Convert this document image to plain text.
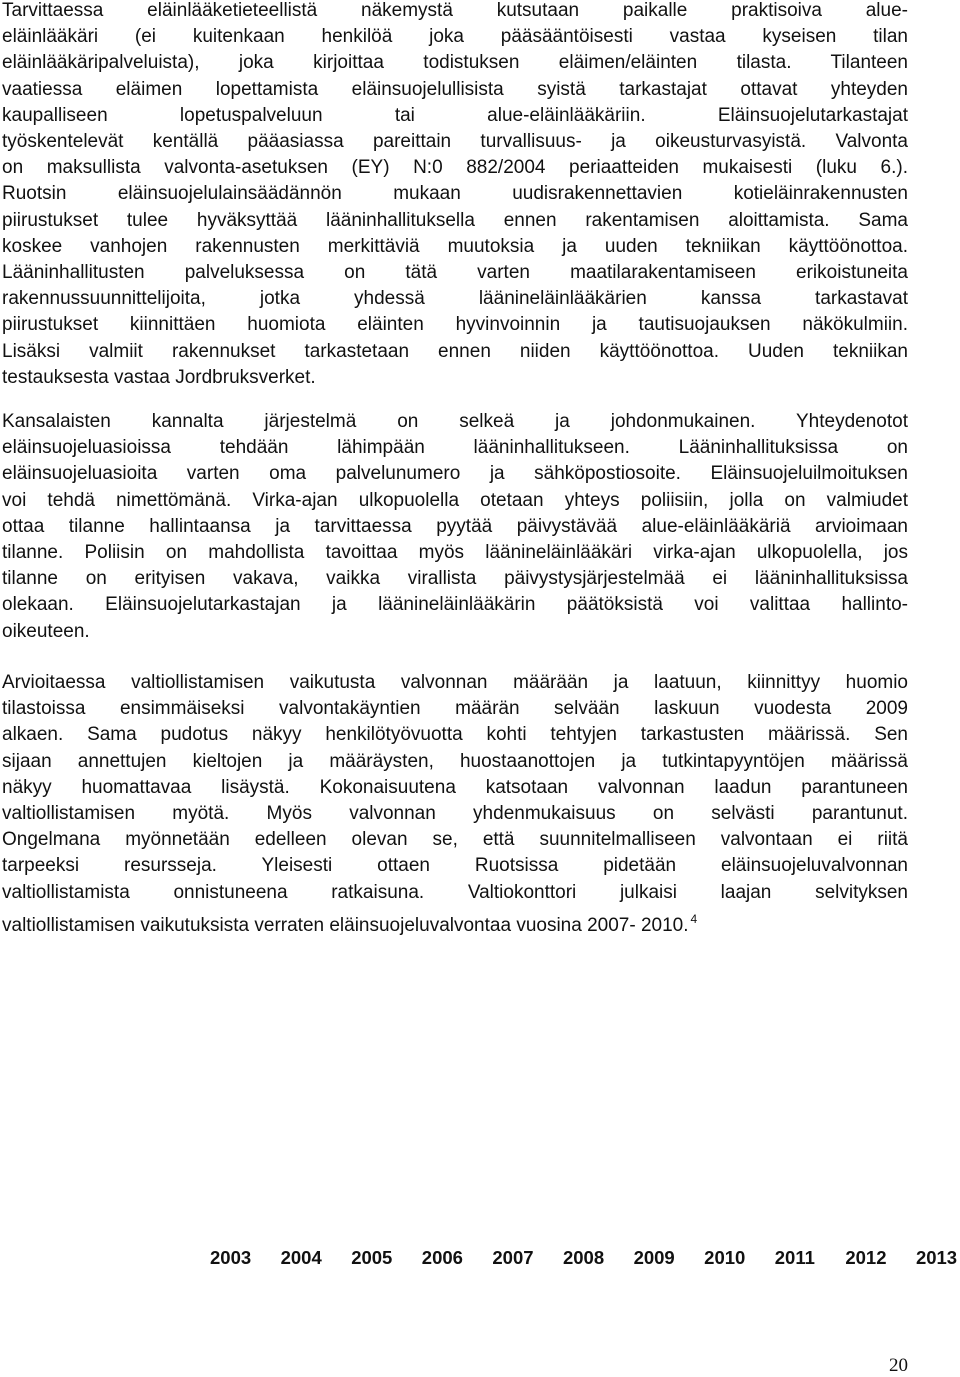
Tarvittaessa eläinlääketieteellistä näkemystä kutsutaan paikalle praktisoiva alue-
eläinlääkäri (ei kuitenkaan henkilöä joka pääsääntöisesti vastaa kyseisen tilan
eläinlääkäripalveluista), joka kirjoittaa todistuksen eläimen/eläinten tilasta. Tilanteen
vaatiessa eläimen lopettamista eläinsuojelullisista syistä tarkastajat ottavat yhteyden
kaupalliseen lopetuspalveluun tai alue-eläinlääkäriin. Eläinsuojelutarkastajat
työskentelevät kentällä pääasiassa pareittain turvallisuus- ja oikeusturvasyistä. Valvonta
on maksullista valvonta-asetuksen (EY) N:0 882/2004 periaatteiden mukaisesti (luku 6.).
Ruotsin eläinsuojelulainsäädännön mukaan uudisrakennettavien kotieläinrakennusten
piirustukset tulee hyväksyttää lääninhallituksella ennen rakentamisen aloittamista. Sama
koskee vanhojen rakennusten merkittäviä muutoksia ja uuden tekniikan käyttöönottoa.
Lääninhallitusten palveluksessa on tätä varten maatilarakentamiseen erikoistuneita
rakennussuunnittelijoita, jotka yhdessä lääninеläinlääkärien kanssa tarkastavat
piirustukset kiinnittäen huomiota eläinten hyvinvoinnin ja tautisuojauksen näkökulmiin.
Lisäksi valmiit rakennukset tarkastetaan ennen niiden käyttöönottoa. Uuden tekniikan
testauksesta vastaa Jordbruksverket.
Kansalaisten kannalta järjestelmä on selkeä ja johdonmukainen. Yhteydenotot
eläinsuojeluasioissa tehdään lähimpään lääninhallitukseen. Lääninhallituksissa on
eläinsuojeluasioita varten oma palvelunumero ja sähköpostiosoite. Eläinsuojeluilmoituksen
voi tehdä nimettömänä. Virka-ajan ulkopuolella otetaan yhteys poliisiin, jolla on valmiudet
ottaa tilanne hallintaansa ja tarvittaessa pyytää päivystävää alue-eläinlääkäriä arvioimaan
tilanne. Poliisin on mahdollista tavoittaa myös lääninеläinlääkäri virka-ajan ulkopuolella, jos
tilanne on erityisen vakava, vaikka virallista päivystysjärjestelmää ei lääninhallituksissa
olekaan. Eläinsuojelutarkastajan ja lääninеläinlääkärin päätöksistä voi valittaa hallinto-
oikeuteen.
Arvioitaessa valtiollistamisen vaikutusta valvonnan määrään ja laatuun, kiinnittyy huomio
tilastoissa ensimmäiseksi valvontakäyntien määrän selvään laskuun vuodesta 2009
alkaen. Sama pudotus näkyy henkilötyövuotta kohti tehtyjen tarkastusten määrissä. Sen
sijaan annettujen kieltojen ja määräysten, huostaanottojen ja tutkintapyyntöjen määrissä
näkyy huomattavaa lisäystä. Kokonaisuutena katsotaan valvonnan laadun parantuneen
valtiollistamisen myötä. Myös valvonnan yhdenmukaisuus on selvästi parantunut.
Ongelmana myönnetään edelleen olevan se, että suunnitelmalliseen valvontaan ei riitä
tarpeeksi resursseja. Yleisesti ottaen Ruotsissa pidetään eläinsuojeluvalvonnan
valtiollistamista onnistuneena ratkaisuna. Valtiokonttori julkaisi laajan selvityksen
valtiollistamisen vaikutuksista verraten eläinsuojeluvalvontaa vuosina 2007- 2010. $^4$
2003	2004	2005	2006	2007	2008	2009	2010	2011	2012	2013
20
